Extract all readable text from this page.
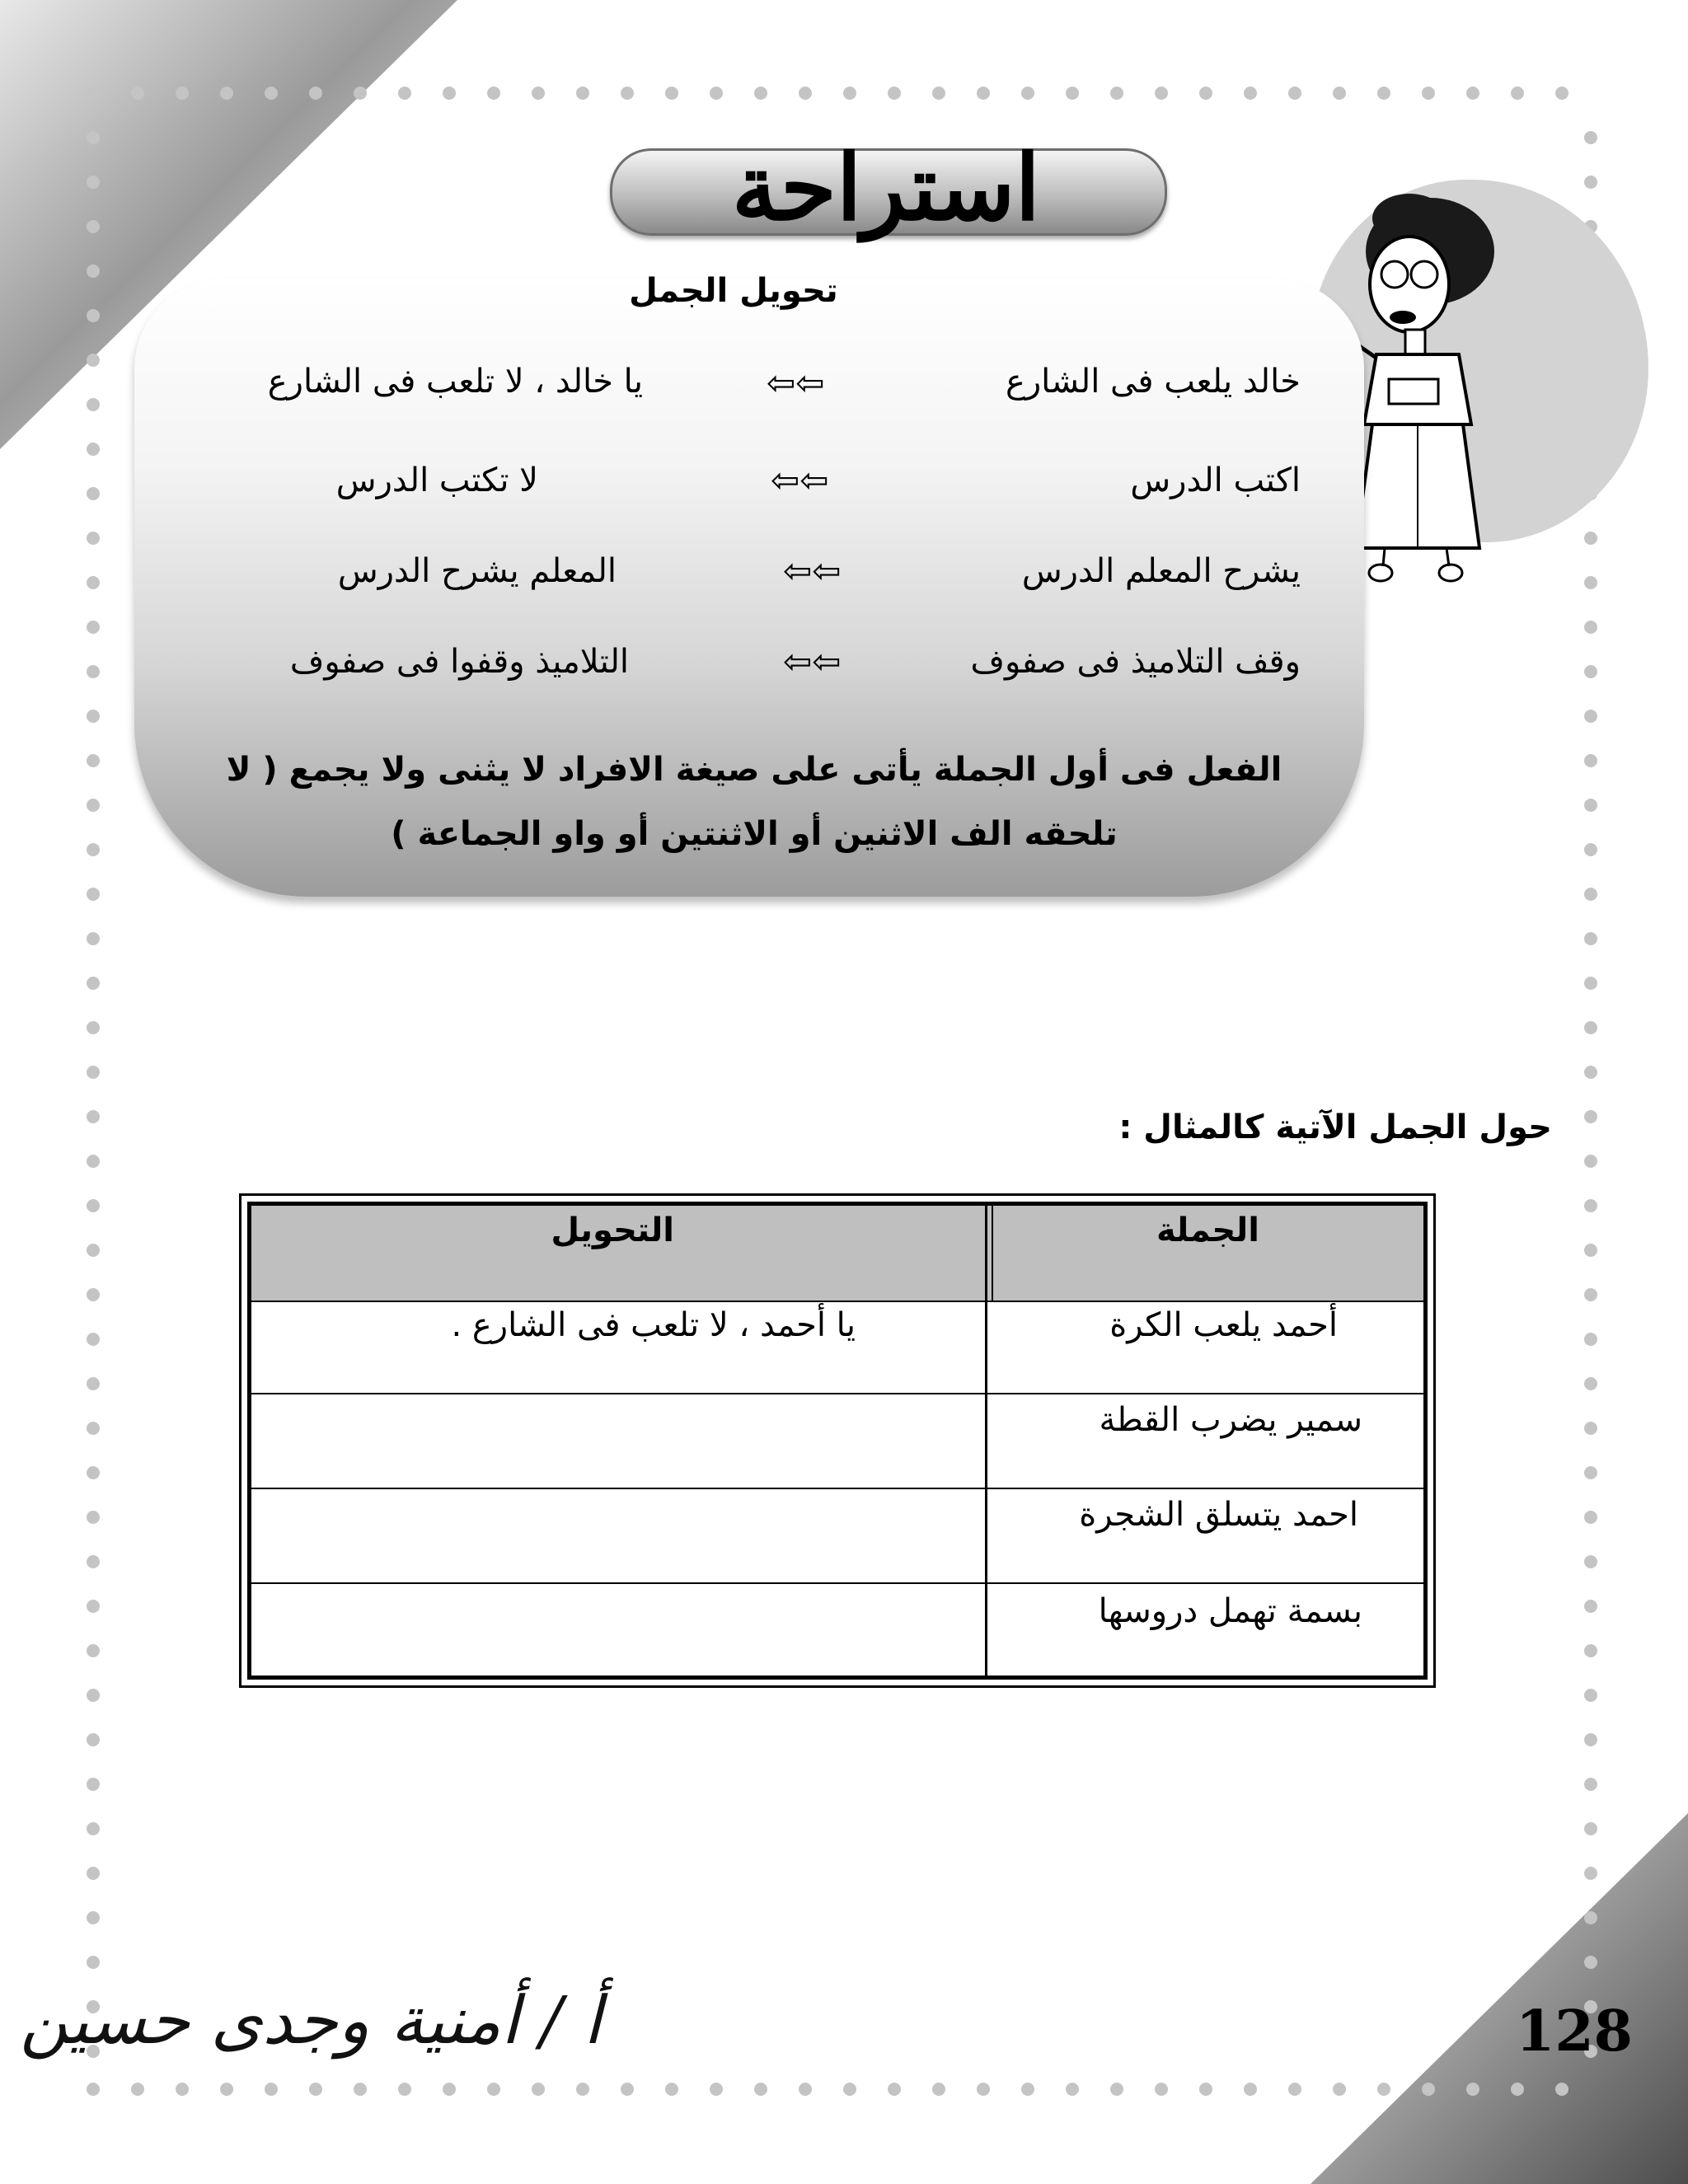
استراحة
تحويل الجمل
خالد يلعب فى الشارع
⇦⇦
يا خالد ، لا تلعب فى الشارع
اكتب الدرس
⇦⇦
لا تكتب الدرس
يشرح المعلم الدرس
⇦⇦
المعلم يشرح الدرس
وقف التلاميذ فى صفوف
⇦⇦
التلاميذ وقفوا فى صفوف
الفعل فى أول الجملة يأتى على صيغة الافراد لا يثنى ولا يجمع ( لا
تلحقه الف الاثنين أو الاثنتين أو واو الجماعة )
حول الجمل الآتية كالمثال :
الجملة
التحويل
أحمد يلعب الكرة
يا أحمد ، لا تلعب فى الشارع .
سمير يضرب القطة
احمد يتسلق الشجرة
بسمة تهمل دروسها
أ / أمنية وجدى حسين	128
